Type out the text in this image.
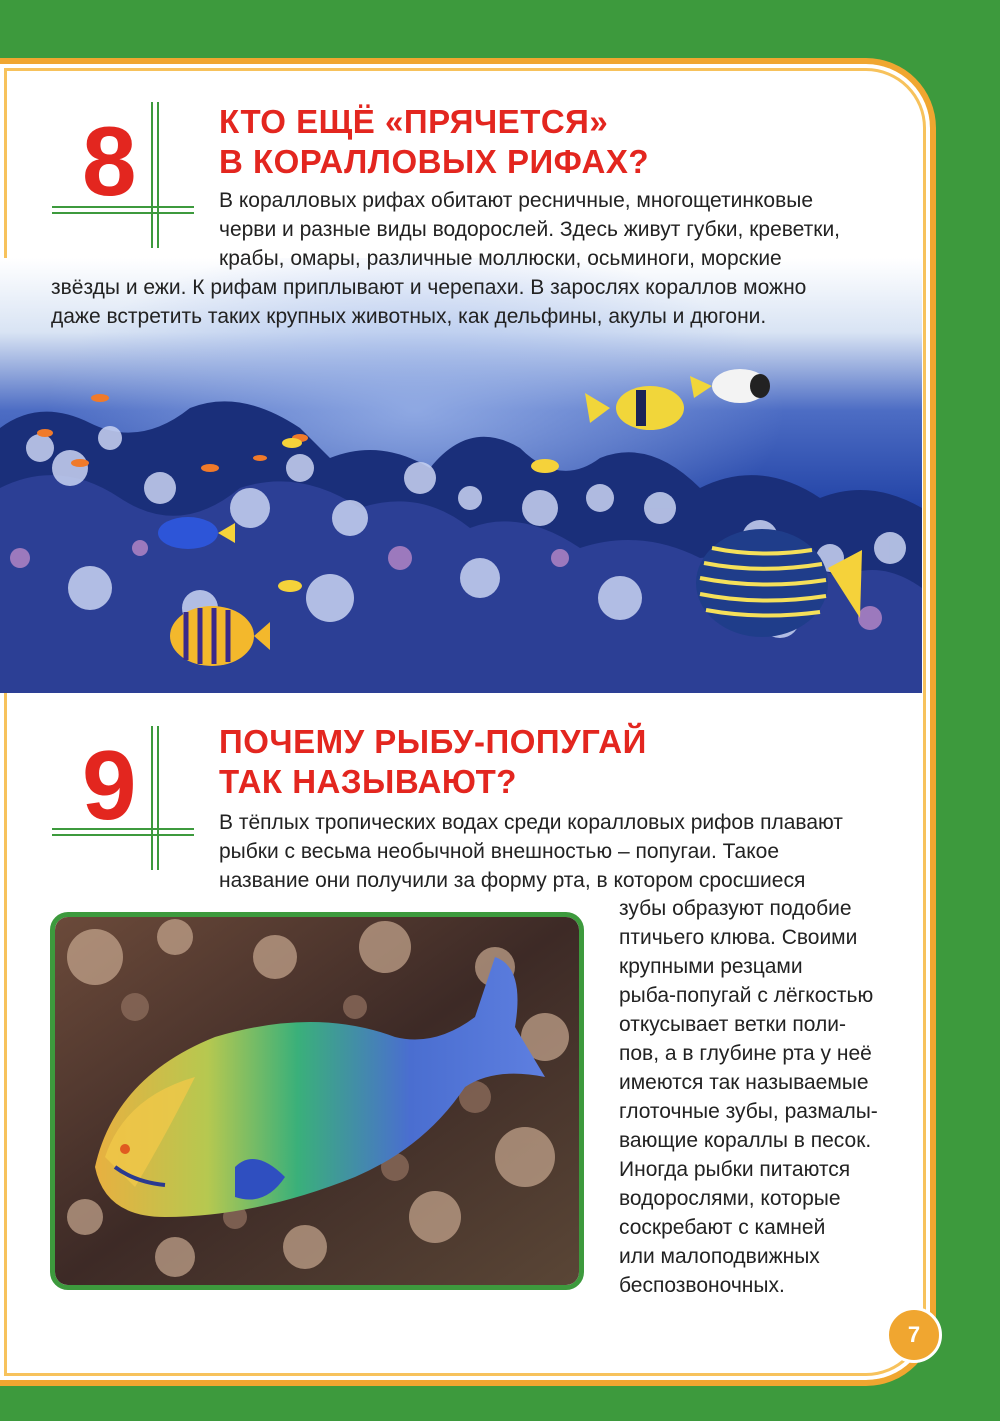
8 КТО ЕЩЁ «ПРЯЧЕТСЯ»
В КОРАЛЛОВЫХ РИФАХ?
В коралловых рифах обитают ресничные, многощетинковые
черви и разные виды водорослей. Здесь живут губки, креветки,
крабы, омары, различные моллюски, осьминоги, морские
звёзды и ежи. К рифам приплывают и черепахи. В зарослях кораллов можно
даже встретить таких крупных животных, как дельфины, акулы и дюгони.
9 ПОЧЕМУ РЫБУ-ПОПУГАЙ
ТАК НАЗЫВАЮТ?
В тёплых тропических водах среди коралловых рифов плавают
рыбки с весьма необычной внешностью – попугаи. Такое
название они получили за форму рта, в котором сросшиеся
зубы образуют подобие
птичьего клюва. Своими
крупными резцами
рыба-попугай с лёгкостью
откусывает ветки поли-
пов, а в глубине рта у неё
имеются так называемые
глоточные зубы, размалы-
вающие кораллы в песок.
Иногда рыбки питаются
водорослями, которые
соскребают с камней
или малоподвижных
беспозвоночных.
7
